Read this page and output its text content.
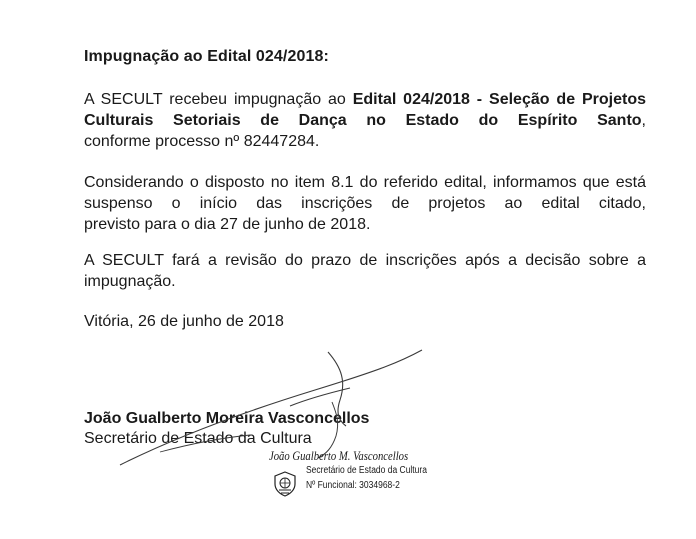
Impugnação ao Edital 024/2018:
A SECULT recebeu impugnação ao Edital 024/2018 - Seleção de Projetos Culturais Setoriais de Dança no Estado do Espírito Santo,
conforme processo nº 82447284.
Considerando o disposto no item 8.1 do referido edital, informamos que está suspenso o início das inscrições de projetos ao edital citado,
previsto para o dia 27 de junho de 2018.
A SECULT fará a revisão do prazo de inscrições após a decisão sobre a
impugnação.
Vitória, 26 de junho de 2018
João Gualberto Moreira Vasconcellos
Secretário de Estado da Cultura
João Gualberto M. Vasconcellos
Secretário de Estado da Cultura
Nº Funcional: 3034968-2
